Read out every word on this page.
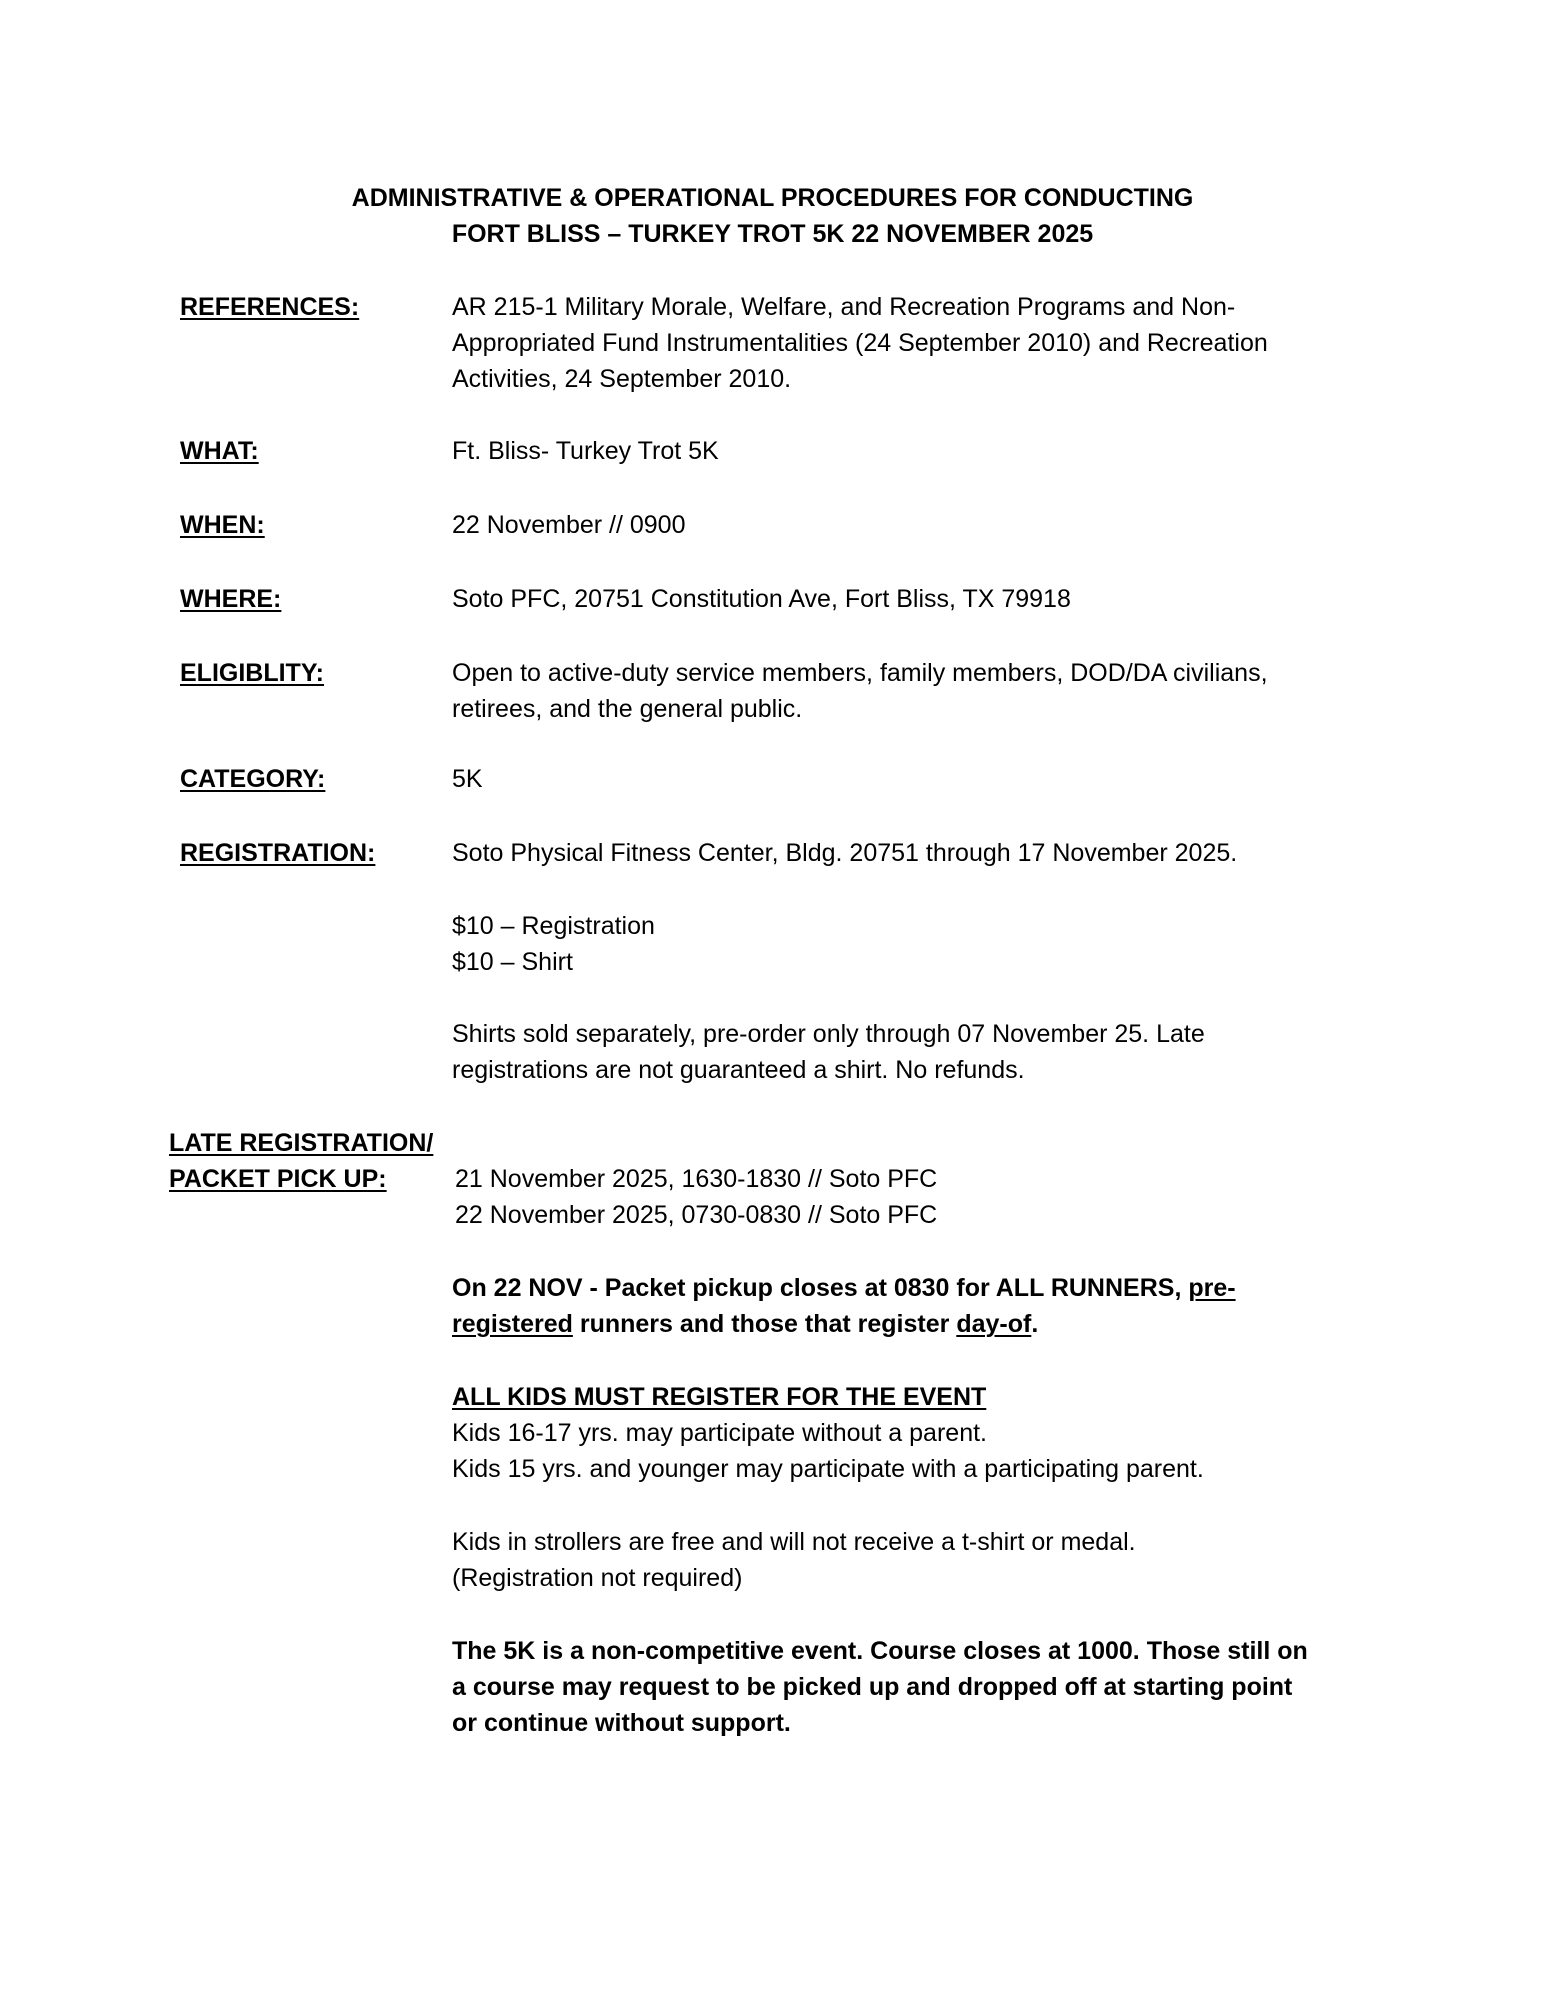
ADMINISTRATIVE & OPERATIONAL PROCEDURES FOR CONDUCTING
FORT BLISS – TURKEY TROT 5K 22 NOVEMBER 2025
REFERENCES:	AR 215-1 Military Morale, Welfare, and Recreation Programs and Non-
Appropriated Fund Instrumentalities (24 September 2010) and Recreation
Activities, 24 September 2010.
WHAT:	Ft. Bliss- Turkey Trot 5K
WHEN:	22 November // 0900
WHERE:	Soto PFC, 20751 Constitution Ave, Fort Bliss, TX 79918
ELIGIBLITY:	Open to active-duty service members, family members, DOD/DA civilians,
retirees, and the general public.
CATEGORY:	5K
REGISTRATION:	Soto Physical Fitness Center, Bldg. 20751 through 17 November 2025.
$10 – Registration
$10 – Shirt
Shirts sold separately, pre-order only through 07 November 25. Late
registrations are not guaranteed a shirt. No refunds.
LATE REGISTRATION/
PACKET PICK UP:	21 November 2025, 1630-1830 // Soto PFC
22 November 2025, 0730-0830 // Soto PFC
On 22 NOV - Packet pickup closes at 0830 for ALL RUNNERS, pre-
registered runners and those that register day-of.
ALL KIDS MUST REGISTER FOR THE EVENT
Kids 16-17 yrs. may participate without a parent.
Kids 15 yrs. and younger may participate with a participating parent.
Kids in strollers are free and will not receive a t-shirt or medal.
(Registration not required)
The 5K is a non-competitive event. Course closes at 1000. Those still on
a course may request to be picked up and dropped off at starting point
or continue without support.
